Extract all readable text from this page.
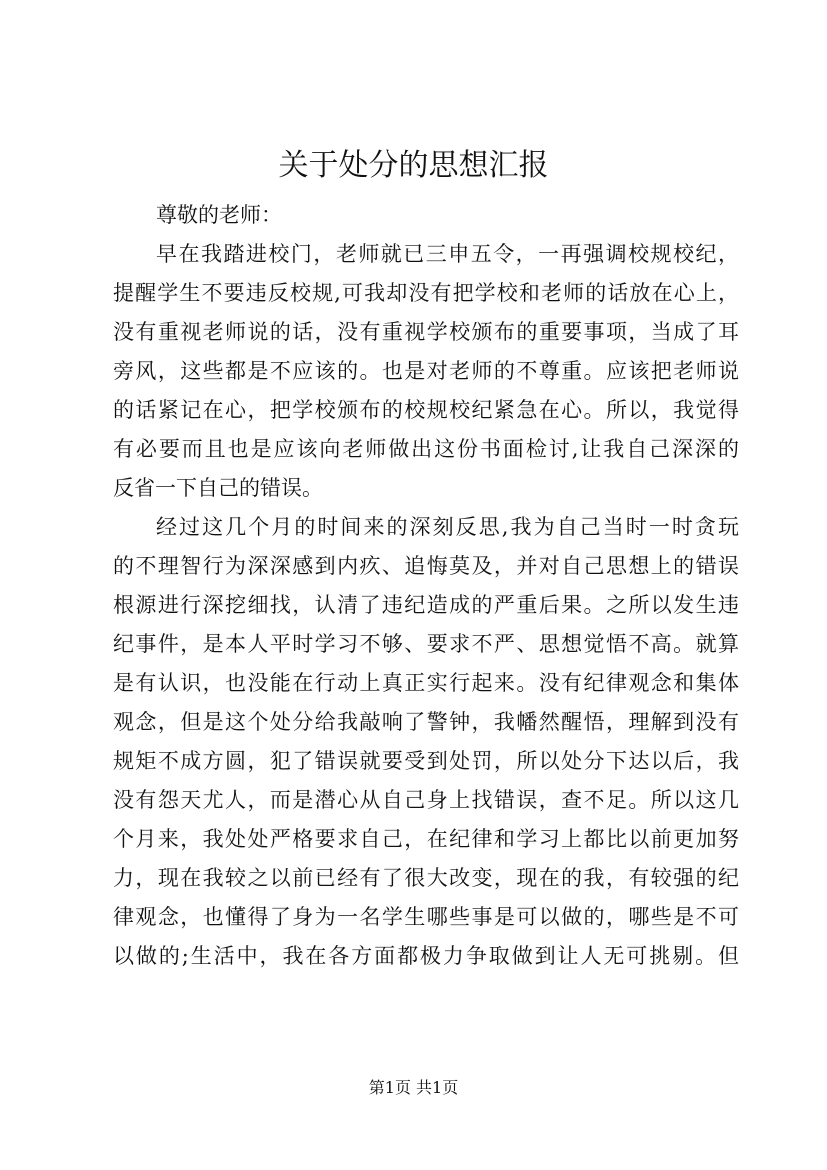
关于处分的思想汇报
尊敬的老师：
早在我踏进校门，老师就已三申五令，一再强调校规校纪，
提醒学生不要违反校规,可我却没有把学校和老师的话放在心上，
没有重视老师说的话，没有重视学校颁布的重要事项，当成了耳
旁风，这些都是不应该的。也是对老师的不尊重。应该把老师说
的话紧记在心，把学校颁布的校规校纪紧急在心。所以，我觉得
有必要而且也是应该向老师做出这份书面检讨,让我自己深深的
反省一下自己的错误。
经过这几个月的时间来的深刻反思,我为自己当时一时贪玩
的不理智行为深深感到内疚、追悔莫及，并对自己思想上的错误
根源进行深挖细找，认清了违纪造成的严重后果。之所以发生违
纪事件，是本人平时学习不够、要求不严、思想觉悟不高。就算
是有认识，也没能在行动上真正实行起来。没有纪律观念和集体
观念，但是这个处分给我敲响了警钟，我幡然醒悟，理解到没有
规矩不成方圆，犯了错误就要受到处罚，所以处分下达以后，我
没有怨天尤人，而是潜心从自己身上找错误，查不足。所以这几
个月来，我处处严格要求自己，在纪律和学习上都比以前更加努
力，现在我较之以前已经有了很大改变，现在的我，有较强的纪
律观念，也懂得了身为一名学生哪些事是可以做的，哪些是不可
以做的;生活中，我在各方面都极力争取做到让人无可挑剔。但
第1页 共1页
